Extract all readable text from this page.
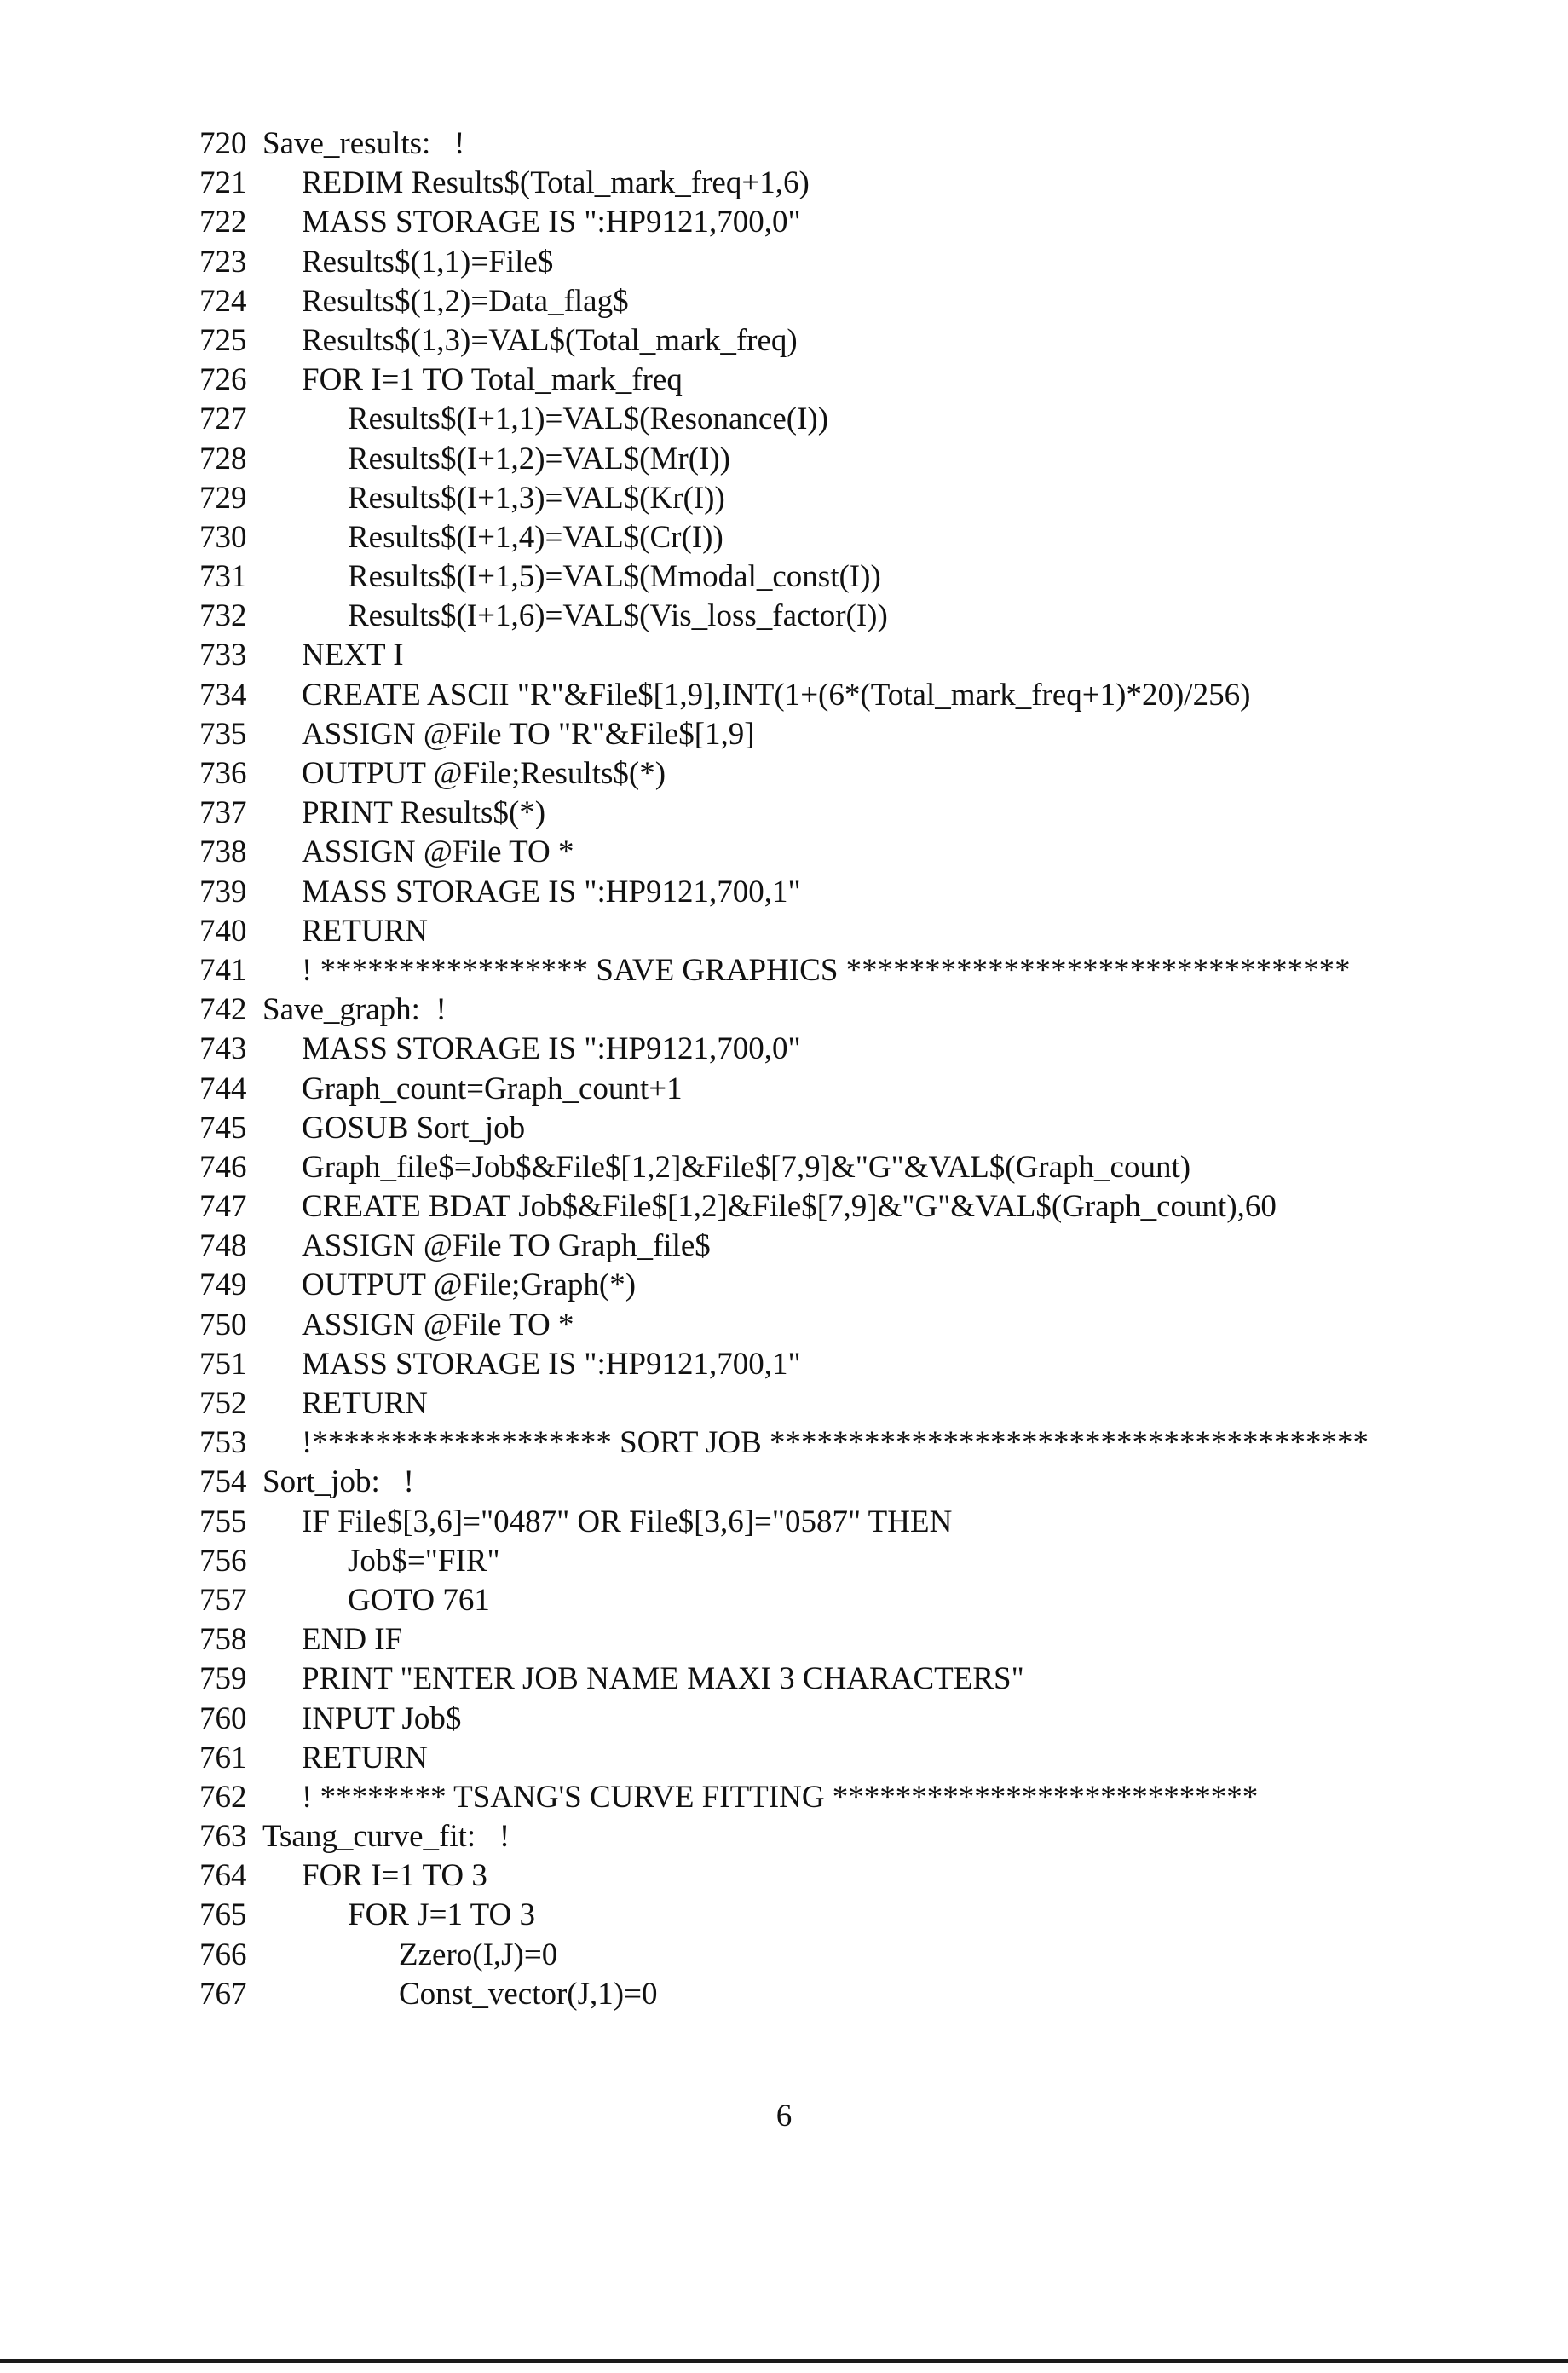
720 Save_results:   !
721 REDIM Results$(Total_mark_freq+1,6)
722 MASS STORAGE IS ":HP9121,700,0"
723 Results$(1,1)=File$
724 Results$(1,2)=Data_flag$
725 Results$(1,3)=VAL$(Total_mark_freq)
726 FOR I=1 TO Total_mark_freq
727	Results$(I+1,1)=VAL$(Resonance(I))
728	Results$(I+1,2)=VAL$(Mr(I))
729	Results$(I+1,3)=VAL$(Kr(I))
730	Results$(I+1,4)=VAL$(Cr(I))
731	Results$(I+1,5)=VAL$(Mmodal_const(I))
732	Results$(I+1,6)=VAL$(Vis_loss_factor(I))
733 NEXT I
734 CREATE ASCII "R"&File$[1,9],INT(1+(6*(Total_mark_freq+1)*20)/256)
735 ASSIGN @File TO "R"&File$[1,9]
736 OUTPUT @File;Results$(*)
737 PRINT Results$(*)
738 ASSIGN @File TO *
739 MASS STORAGE IS ":HP9121,700,1"
740 RETURN
741 ! ***************** SAVE GRAPHICS ********************************
742 Save_graph:  !
743 MASS STORAGE IS ":HP9121,700,0"
744 Graph_count=Graph_count+1
745 GOSUB Sort_job
746 Graph_file$=Job$&File$[1,2]&File$[7,9]&"G"&VAL$(Graph_count)
747 CREATE BDAT Job$&File$[1,2]&File$[7,9]&"G"&VAL$(Graph_count),60
748 ASSIGN @File TO Graph_file$
749 OUTPUT @File;Graph(*)
750 ASSIGN @File TO *
751 MASS STORAGE IS ":HP9121,700,1"
752 RETURN
753 !******************* SORT JOB **************************************
754 Sort_job:   !
755 IF File$[3,6]="0487" OR File$[3,6]="0587" THEN
756	Job$="FIR"
757	GOTO 761
758 END IF
759 PRINT "ENTER JOB NAME MAXI 3 CHARACTERS"
760 INPUT Job$
761 RETURN
762 ! ******** TSANG'S CURVE FITTING ***************************
763 Tsang_curve_fit:   !
764 FOR I=1 TO 3
765	FOR J=1 TO 3
766	Zzero(I,J)=0
767	Const_vector(J,1)=0
6
